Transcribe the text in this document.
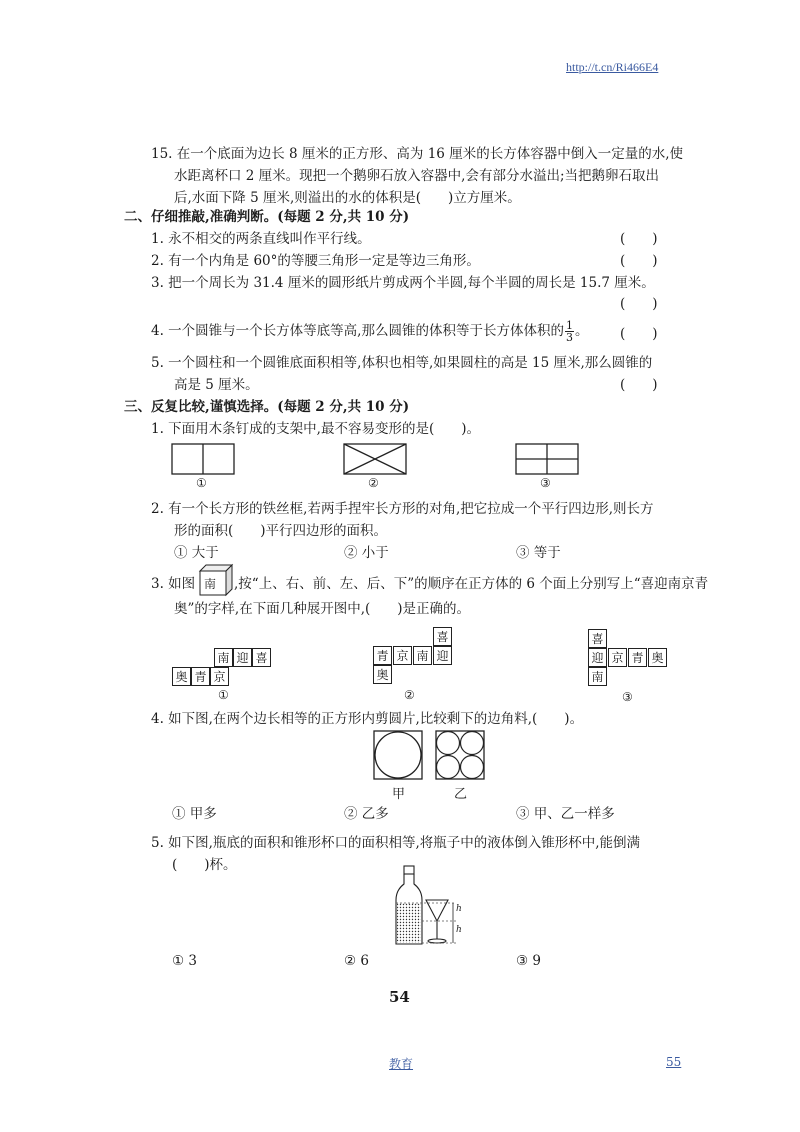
http://t.cn/Ri466E4
15. 在一个底面为边长 8 厘米的正方形、高为 16 厘米的长方体容器中倒入一定量的水,使
水距离杯口 2 厘米。现把一个鹅卵石放入容器中,会有部分水溢出;当把鹅卵石取出
后,水面下降 5 厘米,则溢出的水的体积是(　　)立方厘米。
二、仔细推敲,准确判断。(每题 2 分,共 10 分)
1. 永不相交的两条直线叫作平行线。	(　　)
2. 有一个内角是 60°的等腰三角形一定是等边三角形。	(　　)
3. 把一个周长为 31.4 厘米的圆形纸片剪成两个半圆,每个半圆的周长是 15.7 厘米。
(　　)
4. 一个圆锥与一个长方体等底等高,那么圆锥的体积等于长方体体积的 $\frac{1}{3}$ 。 (　　)
5. 一个圆柱和一个圆锥底面积相等,体积也相等,如果圆柱的高是 15 厘米,那么圆锥的
高是 5 厘米。	(　　)
三、反复比较,谨慎选择。(每题 2 分,共 10 分)
1. 下面用木条钉成的支架中,最不容易变形的是(　　)。
①	②	③
2. 有一个长方形的铁丝框,若两手捏牢长方形的对角,把它拉成一个平行四边形,则长方
形的面积(　　)平行四边形的面积。
① 大于	② 小于	③ 等于
3. 如图 南 ,按“上、右、前、左、后、下”的顺序在正方体的 6 个面上分别写上“喜迎南京青
奥”的字样,在下面几种展开图中,(　　)是正确的。
南 迎 喜
奥 青 京
①
喜
青 京 南 迎
奥
②
喜
迎 京 青 奥
南
③
4. 如下图,在两个边长相等的正方形内剪圆片,比较剩下的边角料,(　　)。
甲	乙
① 甲多	② 乙多	③ 甲、乙一样多
5. 如下图,瓶底的面积和锥形杯口的面积相等,将瓶子中的液体倒入锥形杯中,能倒满
(　　)杯。
h
h
① 3	② 6	③ 9
54
教育	55
